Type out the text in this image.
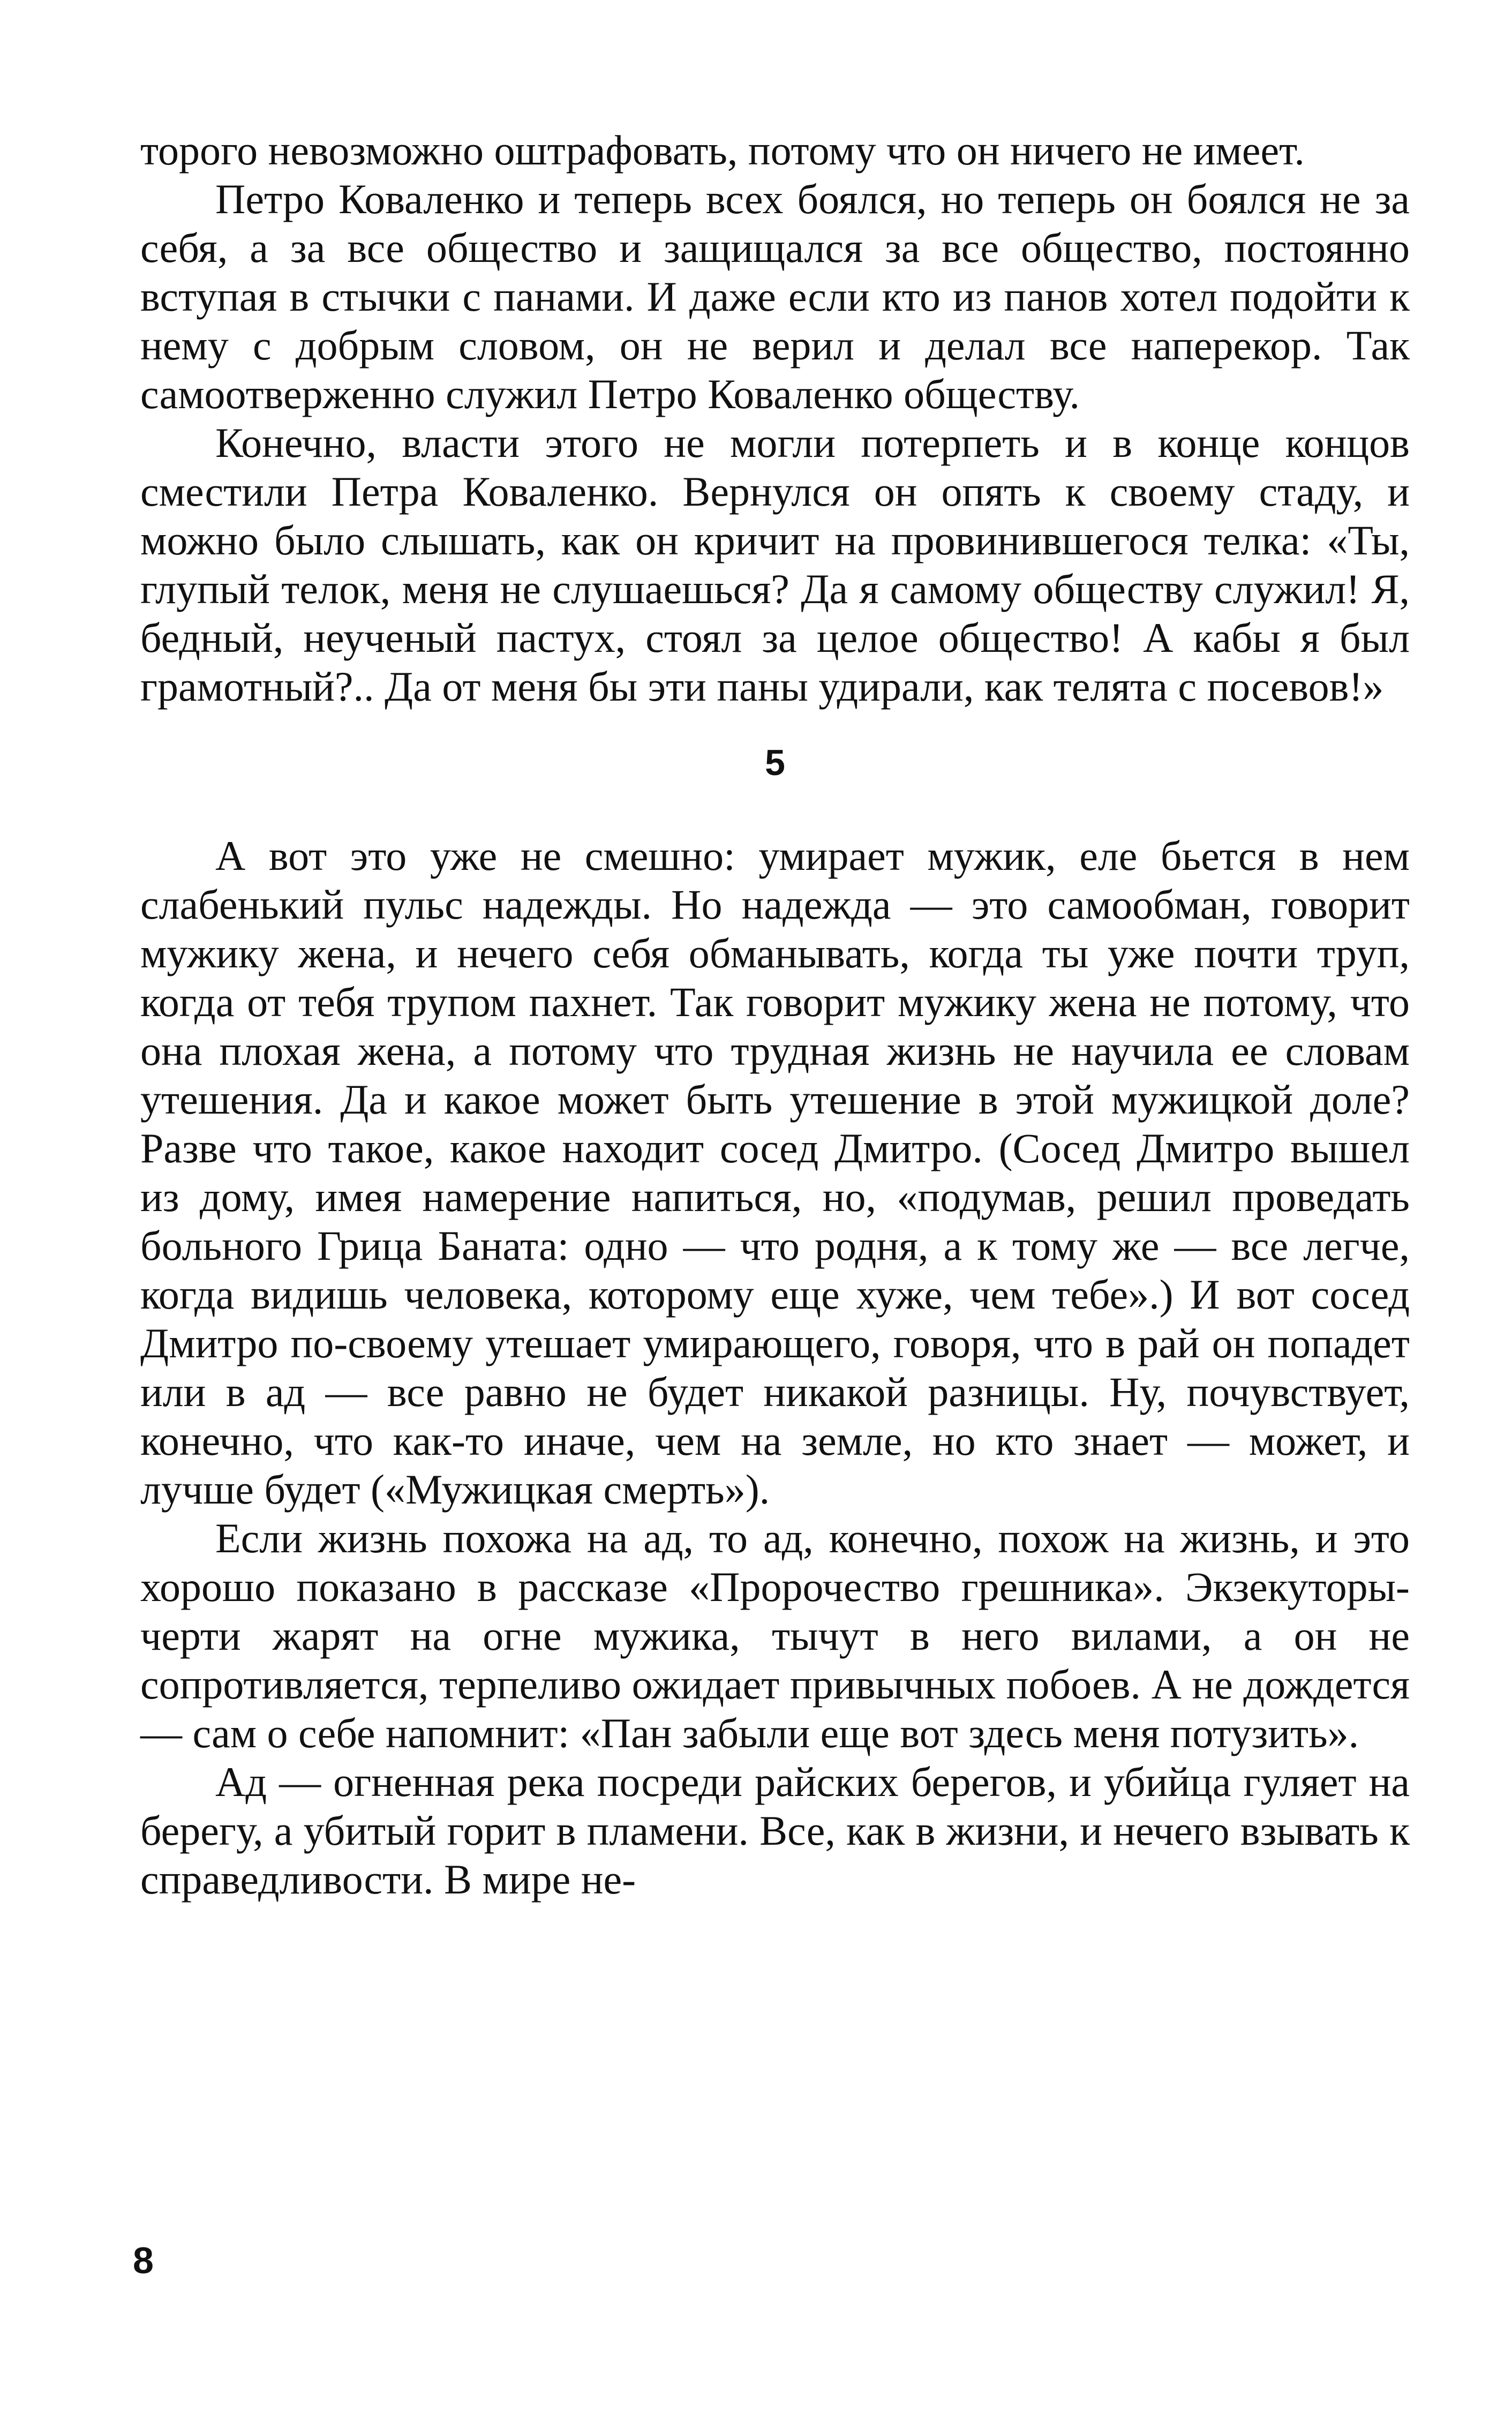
торого невозможно оштрафовать, потому что он ничего не имеет.

Петро Коваленко и теперь всех боялся, но теперь он боялся не за себя, а за все общество и защищался за все общество, постоянно вступая в стычки с панами. И даже если кто из панов хотел подойти к нему с добрым словом, он не верил и делал все наперекор. Так самоотверженно служил Петро Коваленко обществу.

Конечно, власти этого не могли потерпеть и в конце концов сместили Петра Коваленко. Вернулся он опять к своему стаду, и можно было слышать, как он кричит на провинившегося телка: «Ты, глупый телок, меня не слушаешься? Да я самому обществу служил! Я, бедный, неученый пастух, стоял за целое общество! А кабы я был грамотный?.. Да от меня бы эти паны удирали, как телята с посевов!»

5

А вот это уже не смешно: умирает мужик, еле бьется в нем слабенький пульс надежды. Но надежда — это самообман, говорит мужику жена, и нечего себя обманывать, когда ты уже почти труп, когда от тебя трупом пахнет. Так говорит мужику жена не потому, что она плохая жена, а потому что трудная жизнь не научила ее словам утешения. Да и какое может быть утешение в этой мужицкой доле? Разве что такое, какое находит сосед Дмитро. (Сосед Дмитро вышел из дому, имея намерение напиться, но, «подумав, решил проведать больного Грица Баната: одно — что родня, а к тому же — все легче, когда видишь человека, которому еще хуже, чем тебе».) И вот сосед Дмитро по-своему утешает умирающего, говоря, что в рай он попадет или в ад — все равно не будет никакой разницы. Ну, почувствует, конечно, что как-то иначе, чем на земле, но кто знает — может, и лучше будет («Мужицкая смерть»).

Если жизнь похожа на ад, то ад, конечно, похож на жизнь, и это хорошо показано в рассказе «Пророчество грешника». Экзекуторы-черти жарят на огне мужика, тычут в него вилами, а он не сопротивляется, терпеливо ожидает привычных побоев. А не дождется — сам о себе напомнит: «Пан забыли еще вот здесь меня потузить».

Ад — огненная река посреди райских берегов, и убийца гуляет на берегу, а убитый горит в пламени. Все, как в жизни, и нечего взывать к справедливости. В мире не-

8
